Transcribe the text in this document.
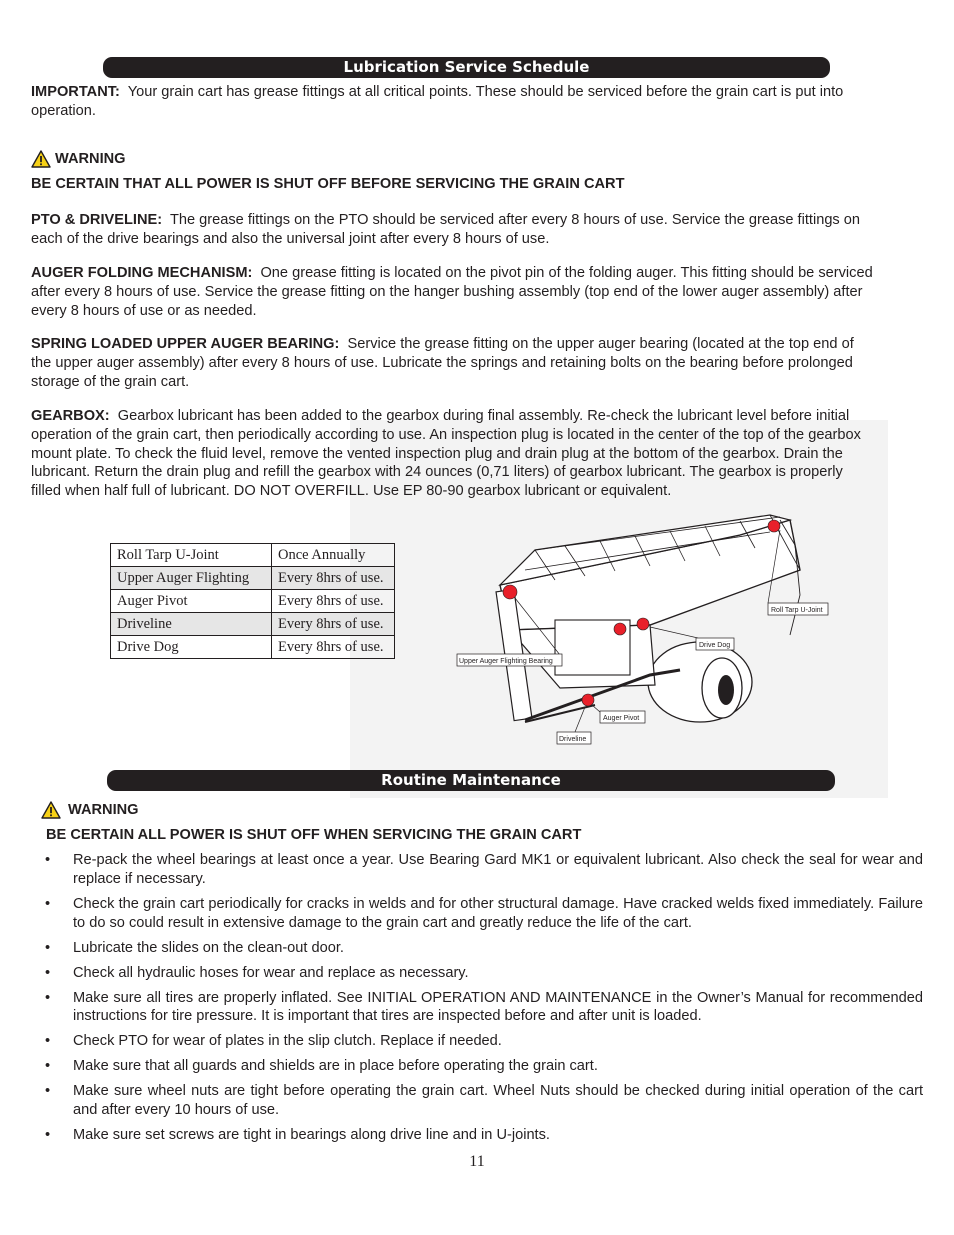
Lubrication Service Schedule

IMPORTANT: Your grain cart has grease fittings at all critical points. These should be serviced before the grain cart is put into operation.

WARNING
BE CERTAIN THAT ALL POWER IS SHUT OFF BEFORE SERVICING THE GRAIN CART

PTO & DRIVELINE: The grease fittings on the PTO should be serviced after every 8 hours of use. Service the grease fittings on each of the drive bearings and also the universal joint after every 8 hours of use.

AUGER FOLDING MECHANISM: One grease fitting is located on the pivot pin of the folding auger. This fitting should be serviced after every 8 hours of use. Service the grease fitting on the hanger bushing assembly (top end of the lower auger assembly) after every 8 hours of use or as needed.

SPRING LOADED UPPER AUGER BEARING: Service the grease fitting on the upper auger bearing (located at the top end of the upper auger assembly) after every 8 hours of use. Lubricate the springs and retaining bolts on the bearing before prolonged storage of the grain cart.

Roll Tarp U-Joint
Drive Dog
Upper Auger Flighting Bearing
Auger Pivot
Driveline

GEARBOX: Gearbox lubricant has been added to the gearbox during final assembly. Re-check the lubricant level before initial operation of the grain cart, then periodically according to use. An inspection plug is located in the center of the top of the gearbox mount plate. To check the fluid level, remove the vented inspection plug and drain plug at the bottom of the gearbox. Drain the lubricant. Return the drain plug and refill the gearbox with 24 ounces (0,71 liters) of gearbox lubricant. The gearbox is properly filled when half full of lubricant. DO NOT OVERFILL. Use EP 80-90 gearbox lubricant or equivalent.

Roll Tarp U-Joint	Once Annually
Upper Auger Flighting	Every 8hrs of use.
Auger Pivot	Every 8hrs of use.
Driveline	Every 8hrs of use.
Drive Dog	Every 8hrs of use.
Routine Maintenance
WARNING
BE CERTAIN ALL POWER IS SHUT OFF WHEN SERVICING THE GRAIN CART
• Re-pack the wheel bearings at least once a year. Use Bearing Gard MK1 or equivalent lubricant. Also check the seal for wear and replace if necessary.
• Check the grain cart periodically for cracks in welds and for other structural damage. Have cracked welds fixed immediately. Failure to do so could result in extensive damage to the grain cart and greatly reduce the life of the cart.
• Lubricate the slides on the clean-out door.
• Check all hydraulic hoses for wear and replace as necessary.
• Make sure all tires are properly inflated. See INITIAL OPERATION AND MAINTENANCE in the Owner’s Manual for recommended instructions for tire pressure. It is important that tires are inspected before and after unit is loaded.
• Check PTO for wear of plates in the slip clutch. Replace if needed.
• Make sure that all guards and shields are in place before operating the grain cart.
• Make sure wheel nuts are tight before operating the grain cart. Wheel Nuts should be checked during initial operation of the cart and after every 10 hours of use.
• Make sure set screws are tight in bearings along drive line and in U-joints.
11
